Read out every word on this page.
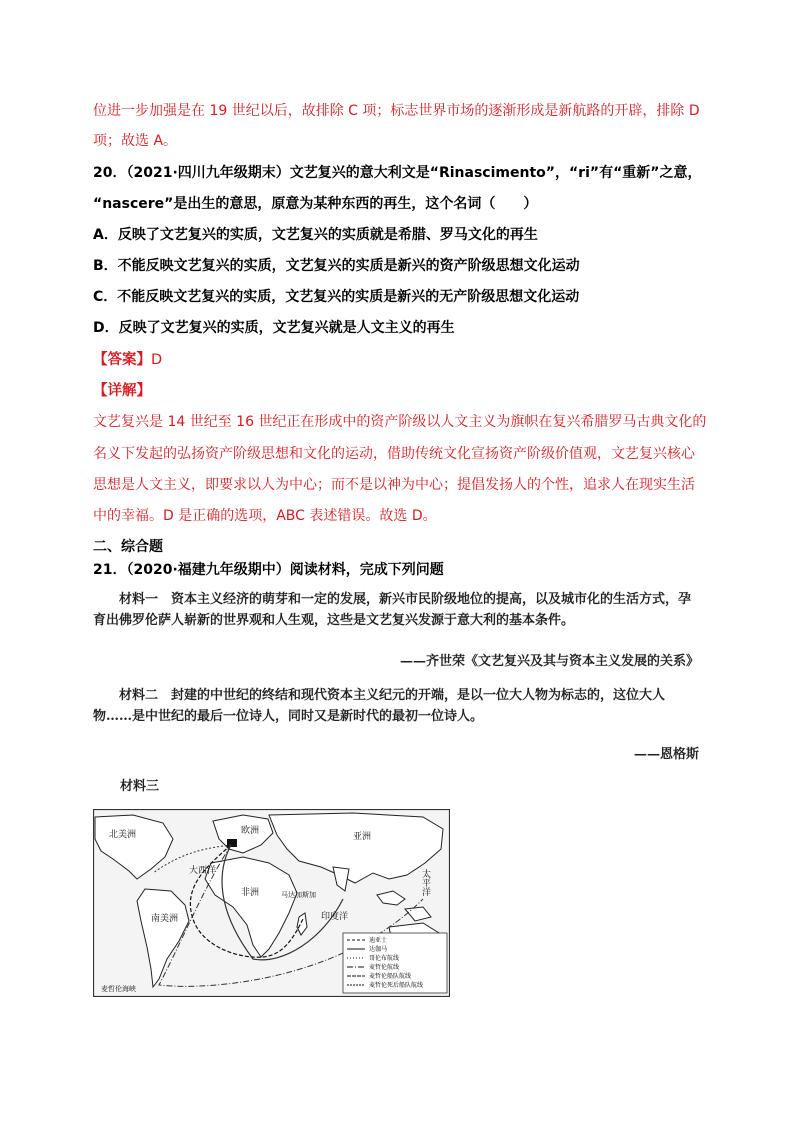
位进一步加强是在 19 世纪以后，故排除 C 项；标志世界市场的逐渐形成是新航路的开辟，排除 D
项；故选 A。
20．（2021·四川九年级期末）文艺复兴的意大利文是“Rinascimento”，“ri”有“重新”之意，
“nascere”是出生的意思，原意为某种东西的再生，这个名词（　　）
A．反映了文艺复兴的实质，文艺复兴的实质就是希腊、罗马文化的再生
B．不能反映文艺复兴的实质，文艺复兴的实质是新兴的资产阶级思想文化运动
C．不能反映文艺复兴的实质，文艺复兴的实质是新兴的无产阶级思想文化运动
D．反映了文艺复兴的实质，文艺复兴就是人文主义的再生
【答案】D
【详解】
文艺复兴是 14 世纪至 16 世纪正在形成中的资产阶级以人文主义为旗帜在复兴希腊罗马古典文化的
名义下发起的弘扬资产阶级思想和文化的运动，借助传统文化宣扬资产阶级价值观，文艺复兴核心
思想是人文主义，即要求以人为中心；而不是以神为中心；提倡发扬人的个性，追求人在现实生活
中的幸福。D 是正确的选项，ABC 表述错误。故选 D。
二、综合题
21．（2020·福建九年级期中）阅读材料，完成下列问题
材料一　资本主义经济的萌芽和一定的发展，新兴市民阶级地位的提高，以及城市化的生活方式，孕育出佛罗伦萨人崭新的世界观和人生观，这些是文艺复兴发源于意大利的基本条件。
——齐世荣《文艺复兴及其与资本主义发展的关系》
材料二　封建的中世纪的终结和现代资本主义纪元的开端，是以一位大人物为标志的，这位大人物……是中世纪的最后一位诗人，同时又是新时代的最初一位诗人。
——恩格斯
材料三
北美洲	欧洲
亚洲
非洲
南美洲
太平洋
印度洋
大西洋
马达加斯加
麦哲伦海峡
迪亚士
达伽马
哥伦布航线
麦哲伦航线
麦哲伦船队航线
麦哲伦死后船队航线
